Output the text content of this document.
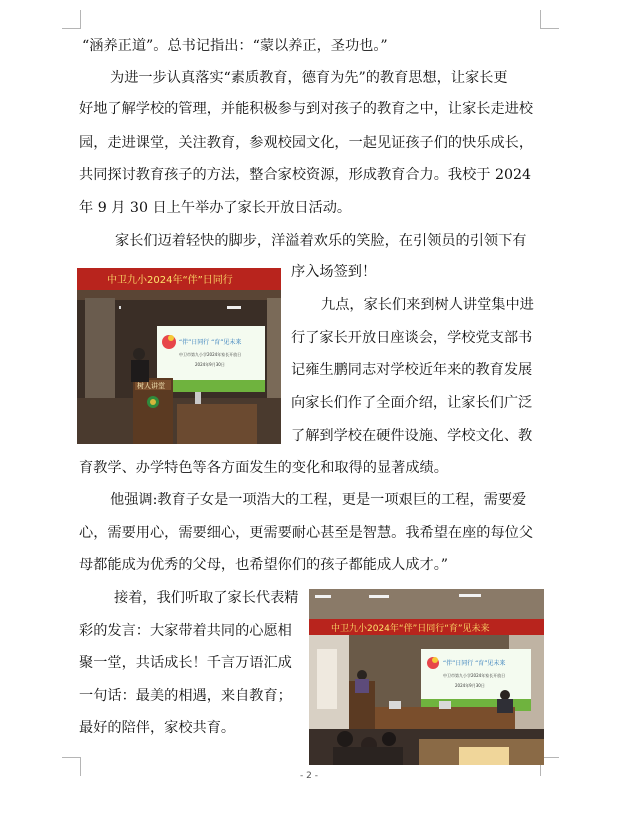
“涵养正道”。总书记指出：“蒙以养正，圣功也。”
为进一步认真落实“素质教育，德育为先”的教育思想，让家长更
好地了解学校的管理，并能积极参与到对孩子的教育之中，让家长走进校
园，走进课堂，关注教育，参观校园文化，一起见证孩子们的快乐成长，
共同探讨教育孩子的方法，整合家校资源，形成教育合力。我校于 2024
年 9 月 30 日上午举办了家长开放日活动。
家长们迈着轻快的脚步，洋溢着欢乐的笑脸，在引领员的引领下有
序入场签到！
九点，家长们来到树人讲堂集中进
行了家长开放日座谈会，学校党支部书
记雍生鹏同志对学校近年来的教育发展
向家长们作了全面介绍，让家长们广泛
了解到学校在硬件设施、学校文化、教
育教学、办学特色等各方面发生的变化和取得的显著成绩。
他强调:教育子女是一项浩大的工程，更是一项艰巨的工程，需要爱
心，需要用心，需要细心，更需要耐心甚至是智慧。我希望在座的每位父
母都能成为优秀的父母，也希望你们的孩子都能成人成才。”
接着，我们听取了家长代表精
彩的发言：大家带着共同的心愿相
聚一堂，共话成长！千言万语汇成
一句话：最美的相遇，来自教育；
最好的陪伴，家校共育。
中卫九小2024年“伴”日同行
“伴”日同行 “育”见未来
中卫市第九小学2024年家长开放日
2024年9月30日
树人讲堂
中卫九小2024年“伴”日同行“育”见未来
“伴”日同行 “育”见未来
中卫市第九小学2024年家长开放日
2024年9月30日
- 2 -
